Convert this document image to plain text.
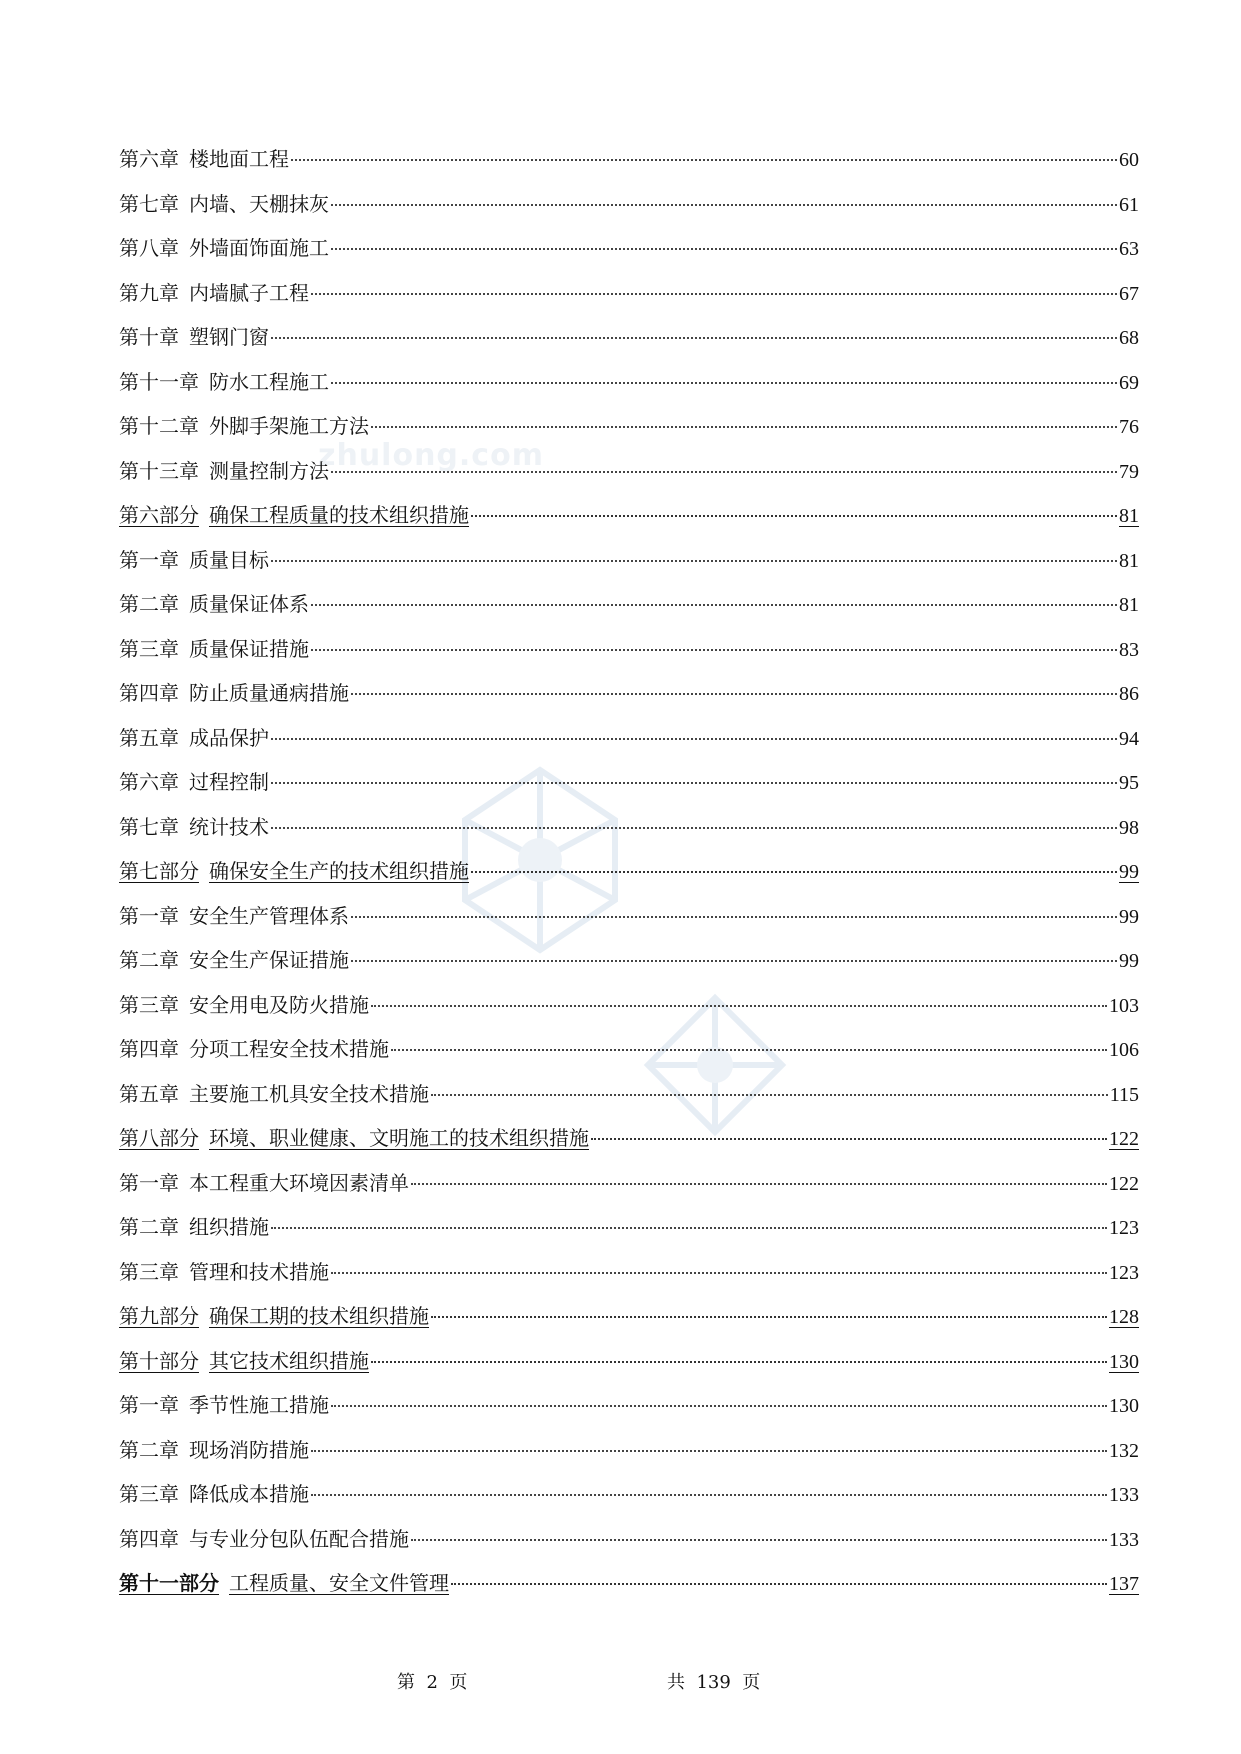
zhulong.com
第六章 楼地面工程	60
第七章 内墙、天棚抹灰	61
第八章 外墙面饰面施工	63
第九章 内墙腻子工程	67
第十章 塑钢门窗	68
第十一章 防水工程施工	69
第十二章 外脚手架施工方法	76
第十三章 测量控制方法	79
第六部分 确保工程质量的技术组织措施	81
第一章 质量目标	81
第二章 质量保证体系	81
第三章 质量保证措施	83
第四章 防止质量通病措施	86
第五章 成品保护	94
第六章 过程控制	95
第七章 统计技术	98
第七部分 确保安全生产的技术组织措施	99
第一章 安全生产管理体系	99
第二章 安全生产保证措施	99
第三章 安全用电及防火措施	103
第四章 分项工程安全技术措施	106
第五章 主要施工机具安全技术措施	115
第八部分 环境、职业健康、文明施工的技术组织措施	122
第一章 本工程重大环境因素清单	122
第二章 组织措施	123
第三章 管理和技术措施	123
第九部分 确保工期的技术组织措施	128
第十部分 其它技术组织措施	130
第一章 季节性施工措施	130
第二章 现场消防措施	132
第三章 降低成本措施	133
第四章 与专业分包队伍配合措施	133
第十一部分 工程质量、安全文件管理	137
第  2  页	共  139  页
